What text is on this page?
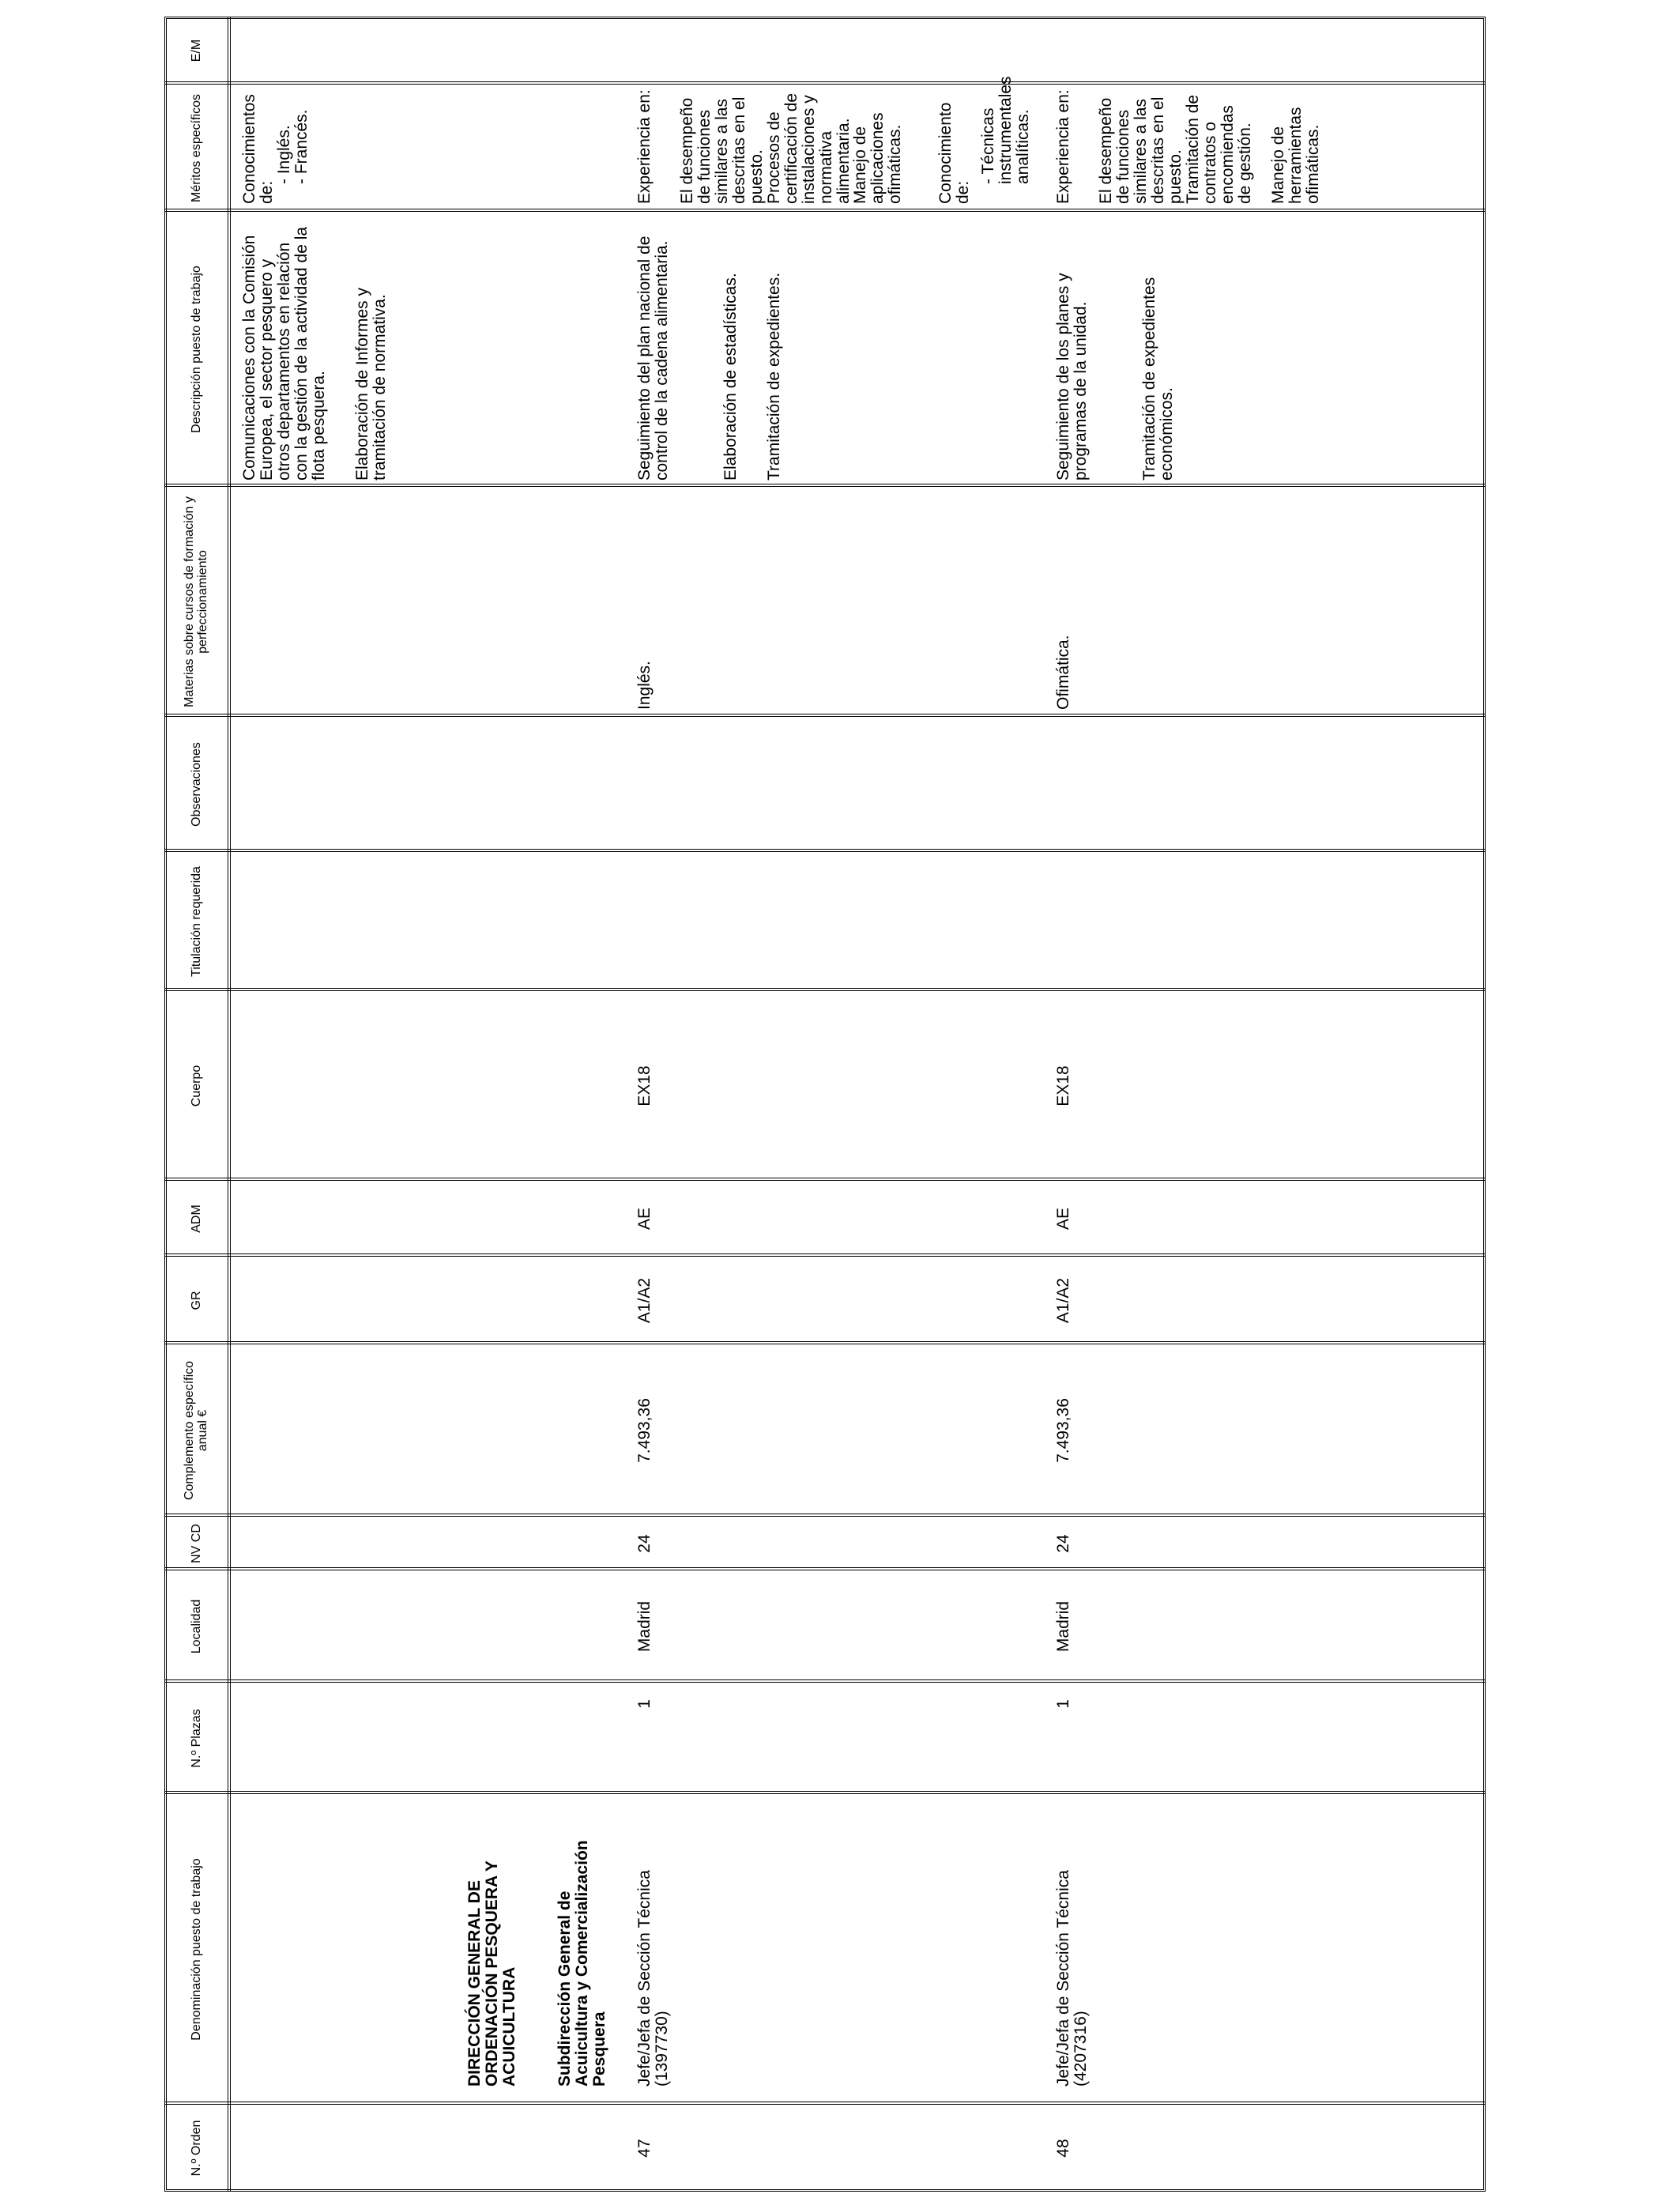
N.º Orden
Denominación puesto de trabajo
N.º Plazas
Localidad
NV CD
Complemento específico anual €
GR
ADM
Cuerpo
Titulación requerida
Observaciones
Materias sobre cursos de formación y perfeccionamiento
Descripción puesto de trabajo
Méritos específicos
E/M
DIRECCIÓN GENERAL DE ORDENACIÓN PESQUERA Y ACUICULTURA Subdirección General de Acuicultura y Comercialización Pesquera
Comunicaciones con la Comisión Europea, el sector pesquero y otros departamentos en relación con la gestión de la actividad de la flota pesquera. Elaboración de Informes y tramitación de normativa.
Conocimientos de:
- Inglés. - Francés.
47
Jefe/Jefa de Sección Técnica (1397730)
1
Madrid
24
7.493,36
A1/A2
AE
EX18
Inglés.
Seguimiento del plan nacional de control de la cadena alimentaria.	Elaboración de estadísticas. Tramitación de expedientes.
Experiencia en: El desempeño de funciones similares a las descritas en el puesto. Procesos de certificación de instalaciones y normativa alimentaria.
Manejo de aplicaciones ofimáticas. Conocimiento de:
- Técnicas instrumentales analíticas.
48
Jefe/Jefa de Sección Técnica (4207316)
1
Madrid
24
7.493,36
A1/A2
AE
EX18
Ofimática.
Seguimiento de los planes y programas de la unidad.	Tramitación de expedientes económicos.
Experiencia en: El desempeño de funciones similares a las descritas en el puesto. Tramitación de contratos o encomiendas de gestión. Manejo de herramientas ofimáticas.
